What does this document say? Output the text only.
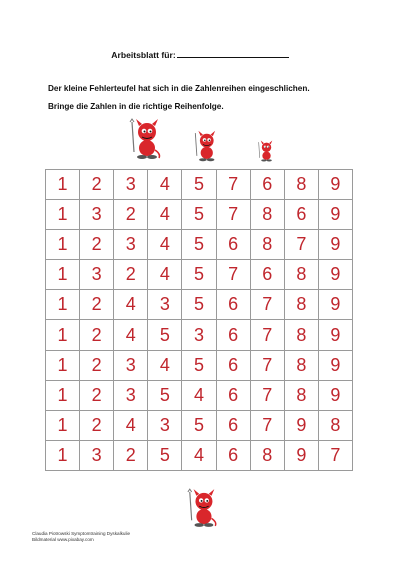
Arbeitsblatt für:
Der kleine Fehlerteufel hat sich in die Zahlenreihen eingeschlichen.
Bringe die Zahlen in die richtige Reihenfolge.
1	2	3	4	5	7	6	8	9
1	3	2	4	5	7	8	6	9
1	2	3	4	5	6	8	7	9
1	3	2	4	5	7	6	8	9
1	2	4	3	5	6	7	8	9
1	2	4	5	3	6	7	8	9
1	2	3	4	5	6	7	8	9
1	2	3	5	4	6	7	8	9
1	2	4	3	5	6	7	9	8
1	3	2	5	4	6	8	9	7
Claudia Piotrowski Symptomtraining Dyskalkulie
Bildmaterial www.pixabay.com
